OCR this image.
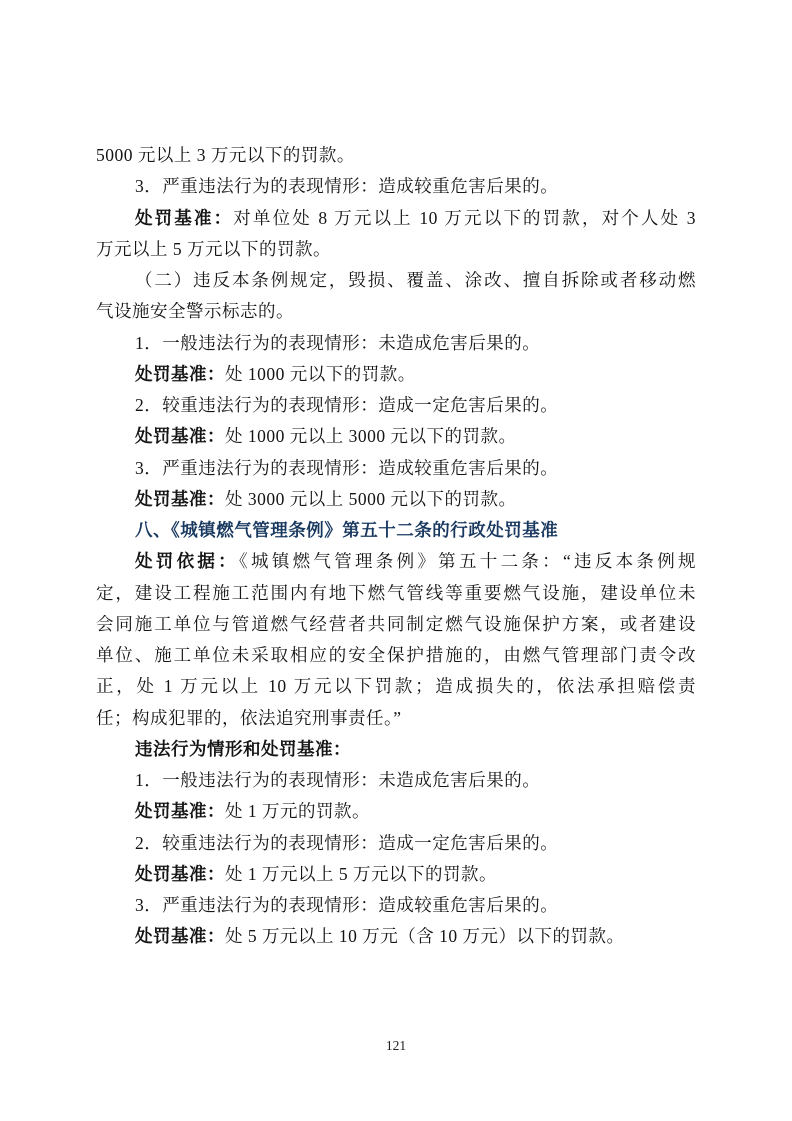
5000 元以上 3 万元以下的罚款。
3．严重违法行为的表现情形：造成较重危害后果的。
处罚基准：对单位处 8 万元以上 10 万元以下的罚款，对个人处 3
万元以上 5 万元以下的罚款。
（二）违反本条例规定，毁损、覆盖、涂改、擅自拆除或者移动燃
气设施安全警示标志的。
1．一般违法行为的表现情形：未造成危害后果的。
处罚基准：处 1000 元以下的罚款。
2．较重违法行为的表现情形：造成一定危害后果的。
处罚基准：处 1000 元以上 3000 元以下的罚款。
3．严重违法行为的表现情形：造成较重危害后果的。
处罚基准：处 3000 元以上 5000 元以下的罚款。
八、《城镇燃气管理条例》第五十二条的行政处罚基准
处罚依据：《城镇燃气管理条例》第五十二条：“违反本条例规
定，建设工程施工范围内有地下燃气管线等重要燃气设施，建设单位未
会同施工单位与管道燃气经营者共同制定燃气设施保护方案，或者建设
单位、施工单位未采取相应的安全保护措施的，由燃气管理部门责令改
正，处 1 万元以上 10 万元以下罚款；造成损失的，依法承担赔偿责
任；构成犯罪的，依法追究刑事责任。”
违法行为情形和处罚基准：
1．一般违法行为的表现情形：未造成危害后果的。
处罚基准：处 1 万元的罚款。
2．较重违法行为的表现情形：造成一定危害后果的。
处罚基准：处 1 万元以上 5 万元以下的罚款。
3．严重违法行为的表现情形：造成较重危害后果的。
处罚基准：处 5 万元以上 10 万元（含 10 万元）以下的罚款。
121
